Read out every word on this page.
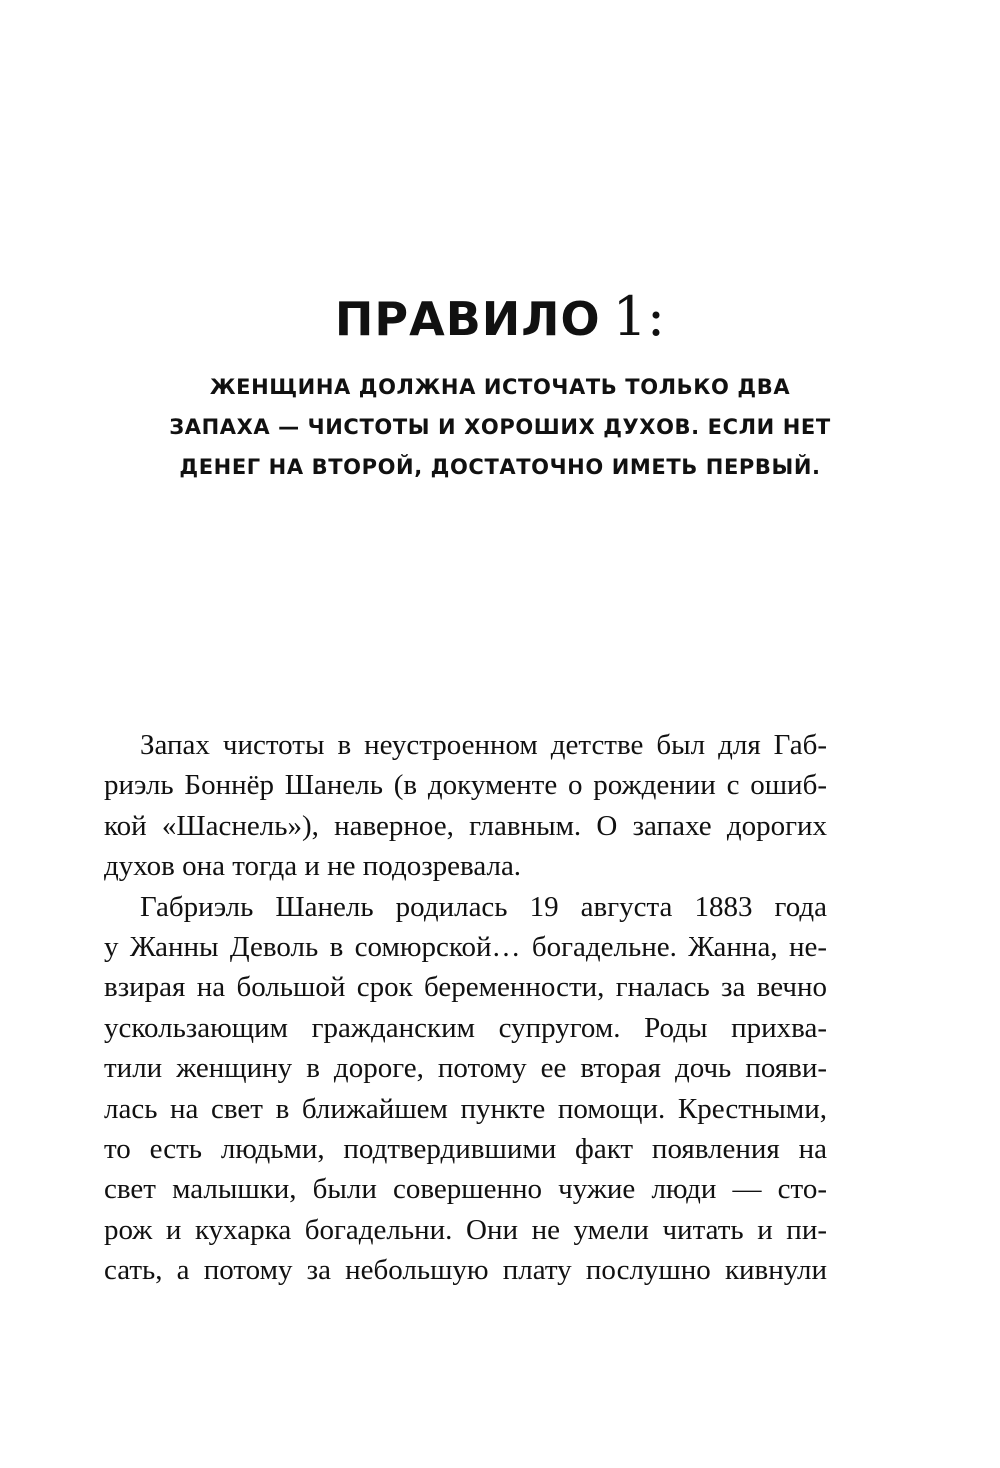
ПРАВИЛО 1:
ЖЕНЩИНА ДОЛЖНА ИСТОЧАТЬ ТОЛЬКО ДВА
ЗАПАХА — ЧИСТОТЫ И ХОРОШИХ ДУХОВ. ЕСЛИ НЕТ
ДЕНЕГ НА ВТОРОЙ, ДОСТАТОЧНО ИМЕТЬ ПЕРВЫЙ.
Запах чистоты в неустроенном детстве был для Габ-
риэль Боннёр Шанель (в документе о рождении с ошиб-
кой «Шаснель»), наверное, главным. О запахе дорогих
духов она тогда и не подозревала.
Габриэль Шанель родилась 19 августа 1883 года
у Жанны Деволь в сомюрской… богадельне. Жанна, не-
взирая на большой срок беременности, гналась за вечно
ускользающим гражданским супругом. Роды прихва-
тили женщину в дороге, потому ее вторая дочь появи-
лась на свет в ближайшем пункте помощи. Крестными,
то есть людьми, подтвердившими факт появления на
свет малышки, были совершенно чужие люди — сто-
рож и кухарка богадельни. Они не умели читать и пи-
сать, а потому за небольшую плату послушно кивнули
